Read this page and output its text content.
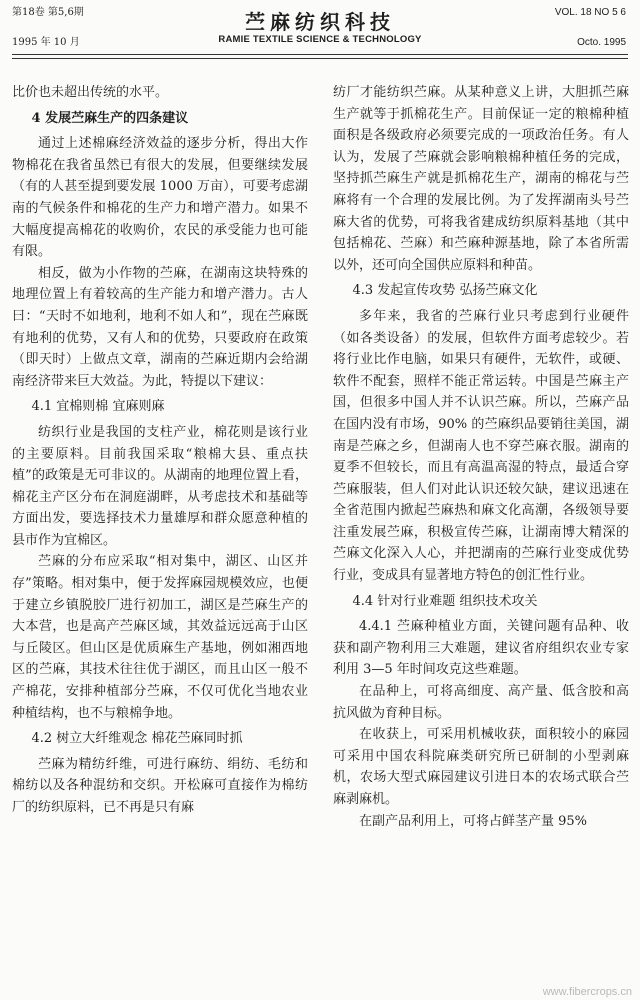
第18卷 第5,6期
1995 年 10 月
苎麻纺织科技
RAMIE TEXTILE SCIENCE & TECHNOLOGY
VOL. 18 NO 5 6
Octo. 1995

比价也未超出传统的水平。

4 发展苎麻生产的四条建议

通过上述棉麻经济效益的逐步分析，得出大作物棉花在我省虽然已有很大的发展，但要继续发展（有的人甚至提到要发展 1000 万亩），可要考虑湖南的气候条件和棉花的生产力和增产潜力。如果不大幅度提高棉花的收购价，农民的承受能力也可能有限。

相反，做为小作物的苎麻，在湖南这块特殊的地理位置上有着较高的生产能力和增产潜力。古人曰：“天时不如地利，地利不如人和”，现在苎麻既有地利的优势，又有人和的优势，只要政府在政策（即天时）上做点文章，湖南的苎麻近期内会给湖南经济带来巨大效益。为此，特提以下建议：

4.1 宜棉则棉 宜麻则麻

纺织行业是我国的支柱产业，棉花则是该行业的主要原料。目前我国采取“粮棉大县、重点扶植”的政策是无可非议的。从湖南的地理位置上看，棉花主产区分布在洞庭湖畔，从考虑技术和基础等方面出发，要选择技术力量雄厚和群众愿意种植的县市作为宜棉区。

苎麻的分布应采取“相对集中，湖区、山区并存”策略。相对集中，便于发挥麻园规模效应，也便于建立乡镇脱胶厂进行初加工，湖区是苎麻生产的大本营，也是高产苎麻区域，其效益远远高于山区与丘陵区。但山区是优质麻生产基地，例如湘西地区的苎麻，其技术往往优于湖区，而且山区一般不产棉花，安排种植部分苎麻，不仅可优化当地农业种植结构，也不与粮棉争地。

4.2 树立大纤维观念 棉花苎麻同时抓

苎麻为精纺纤维，可进行麻纺、绢纺、毛纺和棉纺以及各种混纺和交织。开松麻可直接作为棉纺厂的纺织原料，已不再是只有麻

纺厂才能纺织苎麻。从某种意义上讲，大胆抓苎麻生产就等于抓棉花生产。目前保证一定的粮棉种植面积是各级政府必须要完成的一项政治任务。有人认为，发展了苎麻就会影响粮棉种植任务的完成，坚持抓苎麻生产就是抓棉花生产，湖南的棉花与苎麻将有一个合理的发展比例。为了发挥湖南头号苎麻大省的优势，可将我省建成纺织原料基地（其中包括棉花、苎麻）和苎麻种源基地，除了本省所需以外，还可向全国供应原料和种苗。

4.3 发起宣传攻势 弘扬苎麻文化

多年来，我省的苎麻行业只考虑到行业硬件（如各类设备）的发展，但软件方面考虑较少。若将行业比作电脑，如果只有硬件，无软件，或硬、软件不配套，照样不能正常运转。中国是苎麻主产国，但很多中国人并不认识苎麻。所以，苎麻产品在国内没有市场，90% 的苎麻织品要销往美国，湖南是苎麻之乡，但湖南人也不穿苎麻衣服。湖南的夏季不但较长，而且有高温高湿的特点，最适合穿苎麻服装，但人们对此认识还较欠缺，建议迅速在全省范围内掀起苎麻热和麻文化高潮，各级领导要注重发展苎麻，积极宣传苎麻，让湖南博大精深的苎麻文化深入人心，并把湖南的苎麻行业变成优势行业，变成具有显著地方特色的创汇性行业。

4.4 针对行业难题 组织技术攻关

4.4.1 苎麻种植业方面，关键问题有品种、收获和副产物利用三大难题，建议省府组织农业专家利用 3—5 年时间攻克这些难题。

在品种上，可将高细度、高产量、低含胶和高抗风做为育种目标。

在收获上，可采用机械收获，面积较小的麻园可采用中国农科院麻类研究所已研制的小型剥麻机，农场大型式麻园建议引进日本的农场式联合苎麻剥麻机。

在副产品利用上，可将占鲜茎产量 95%

www.fibercrops.cn
